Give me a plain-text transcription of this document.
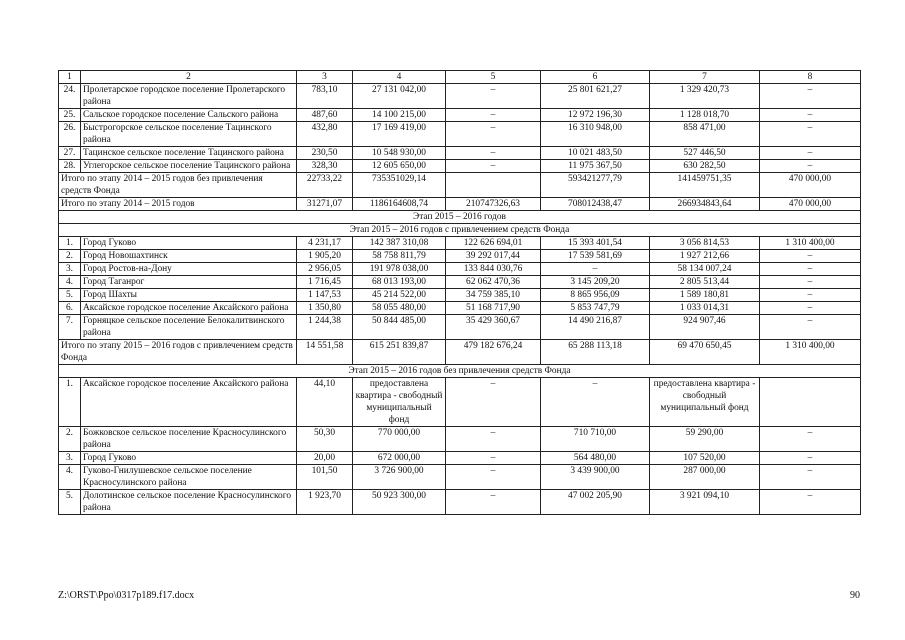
1	2	3	4	5	6	7	8
24.	Пролетарское городское поселение Пролетарского района	783,10	27 131 042,00	–	25 801 621,27	1 329 420,73	–
25.	Сальское городское поселение Сальского района	487,60	14 100 215,00	–	12 972 196,30	1 128 018,70	–
26.	Быстрогорское сельское поселение Тацинского района	432,80	17 169 419,00	–	16 310 948,00	858 471,00	–
27.	Тацинское сельское поселение Тацинского района	230,50	10 548 930,00	–	10 021 483,50	527 446,50	–
28.	Углегорское сельское поселение Тацинского района	328,30	12 605 650,00	–	11 975 367,50	630 282,50	–
Итого по этапу 2014 – 2015 годов без привлечения средств Фонда		22733,22	735351029,14		593421277,79	141459751,35	470 000,00
Итого по этапу 2014 – 2015 годов		31271,07	1186164608,74	210747326,63	708012438,47	266934843,64	470 000,00
Этап 2015 – 2016 годов							
Этап 2015 – 2016 годов с привлечением средств Фонда							
1.	Город Гуково	4 231,17	142 387 310,08	122 626 694,01	15 393 401,54	3 056 814,53	1 310 400,00
2.	Город Новошахтинск	1 905,20	58 758 811,79	39 292 017,44	17 539 581,69	1 927 212,66	–
3.	Город Ростов-на-Дону	2 956,05	191 978 038,00	133 844 030,76	–	58 134 007,24	–
4.	Город Таганрог	1 716,45	68 013 193,00	62 062 470,36	3 145 209,20	2 805 513,44	–
5.	Город Шахты	1 147,53	45 214 522,00	34 759 385,10	8 865 956,09	1 589 180,81	–
6.	Аксайское городское поселение Аксайского района	1 350,80	58 055 480,00	51 168 717,90	5 853 747,79	1 033 014,31	–
7.	Горняцкое сельское поселение Белокалитвинского района	1 244,38	50 844 485,00	35 429 360,67	14 490 216,87	924 907,46	–
Итого по этапу 2015 – 2016 годов с привлечением средств Фонда		14 551,58	615 251 839,87	479 182 676,24	65 288 113,18	69 470 650,45	1 310 400,00
Этап 2015 – 2016 годов без привлечения средств Фонда							
1.	Аксайское городское поселение Аксайского района	44,10	предоставлена квартира - свободный муниципальный фонд	–	–	предоставлена квартира - свободный муниципальный фонд	
2.	Божковское сельское поселение Красносулинского района	50,30	770 000,00	–	710 710,00	59 290,00	–
3.	Город Гуково	20,00	672 000,00	–	564 480,00	107 520,00	–
4.	Гуково-Гнилушевское сельское поселение Красносулинского района	101,50	3 726 900,00	–	3 439 900,00	287 000,00	–
5.	Долотинское сельское поселение Красносулинского района	1 923,70	50 923 300,00	–	47 002 205,90	3 921 094,10	–
Z:\ORST\Ppo\0317p189.f17.docx	90
